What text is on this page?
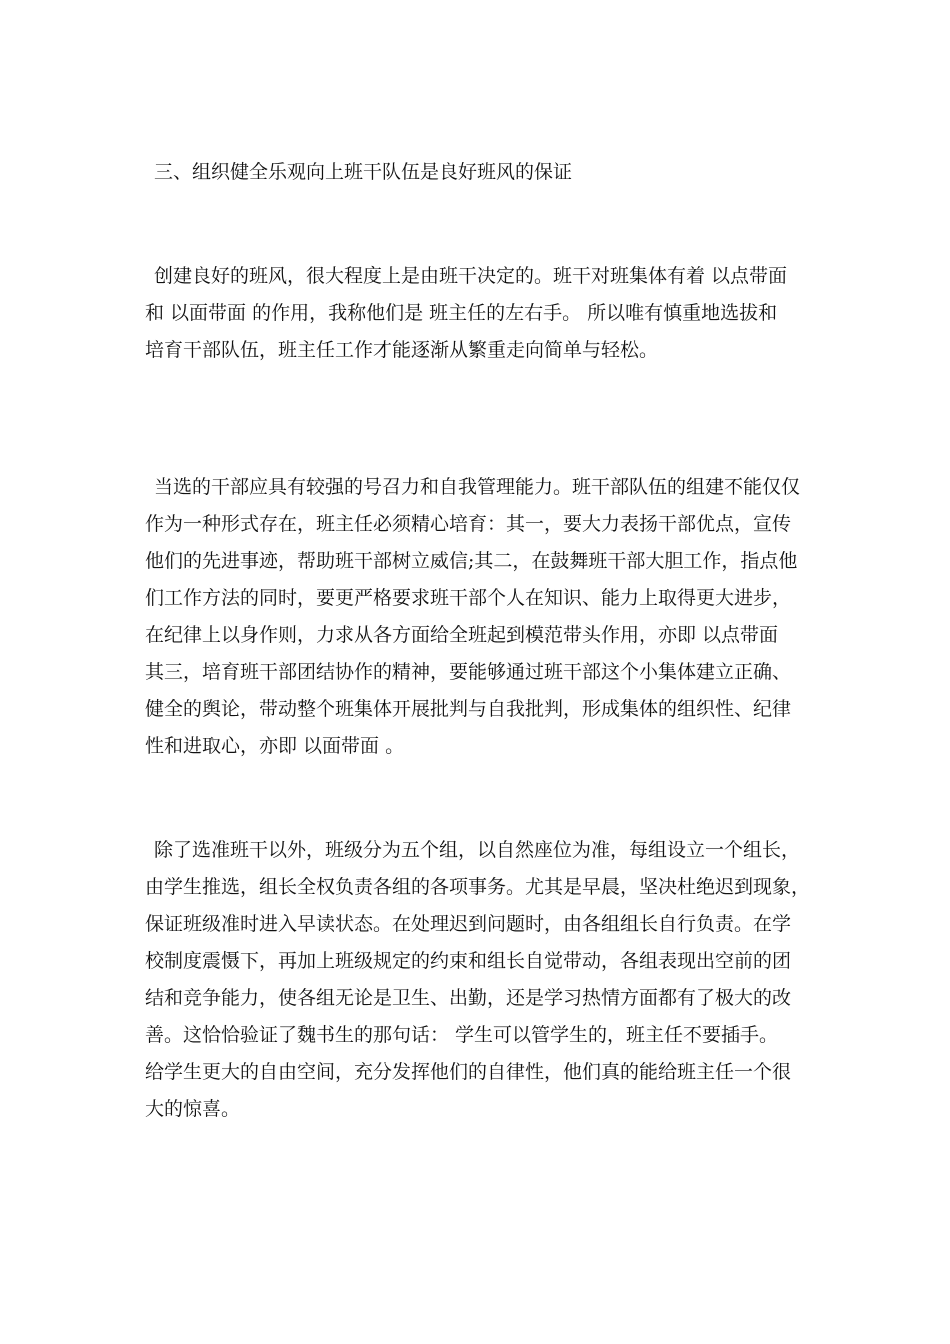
三、组织健全乐观向上班干队伍是良好班风的保证
创建良好的班风，很大程度上是由班干决定的。班干对班集体有着 以点带面
和 以面带面 的作用，我称他们是 班主任的左右手。 所以唯有慎重地选拔和
培育干部队伍，班主任工作才能逐渐从繁重走向简单与轻松。
当选的干部应具有较强的号召力和自我管理能力。班干部队伍的组建不能仅仅
作为一种形式存在，班主任必须精心培育：其一，要大力表扬干部优点，宣传
他们的先进事迹，帮助班干部树立威信;其二，在鼓舞班干部大胆工作，指点他
们工作方法的同时，要更严格要求班干部个人在知识、能力上取得更大进步，
在纪律上以身作则，力求从各方面给全班起到模范带头作用，亦即 以点带面
其三，培育班干部团结协作的精神，要能够通过班干部这个小集体建立正确、
健全的舆论，带动整个班集体开展批判与自我批判，形成集体的组织性、纪律
性和进取心，亦即 以面带面 。
除了选准班干以外，班级分为五个组，以自然座位为准，每组设立一个组长，
由学生推选，组长全权负责各组的各项事务。尤其是早晨，坚决杜绝迟到现象，
保证班级准时进入早读状态。在处理迟到问题时，由各组组长自行负责。在学
校制度震慑下，再加上班级规定的约束和组长自觉带动，各组表现出空前的团
结和竞争能力，使各组无论是卫生、出勤，还是学习热情方面都有了极大的改
善。这恰恰验证了魏书生的那句话： 学生可以管学生的，班主任不要插手。
给学生更大的自由空间，充分发挥他们的自律性，他们真的能给班主任一个很
大的惊喜。
